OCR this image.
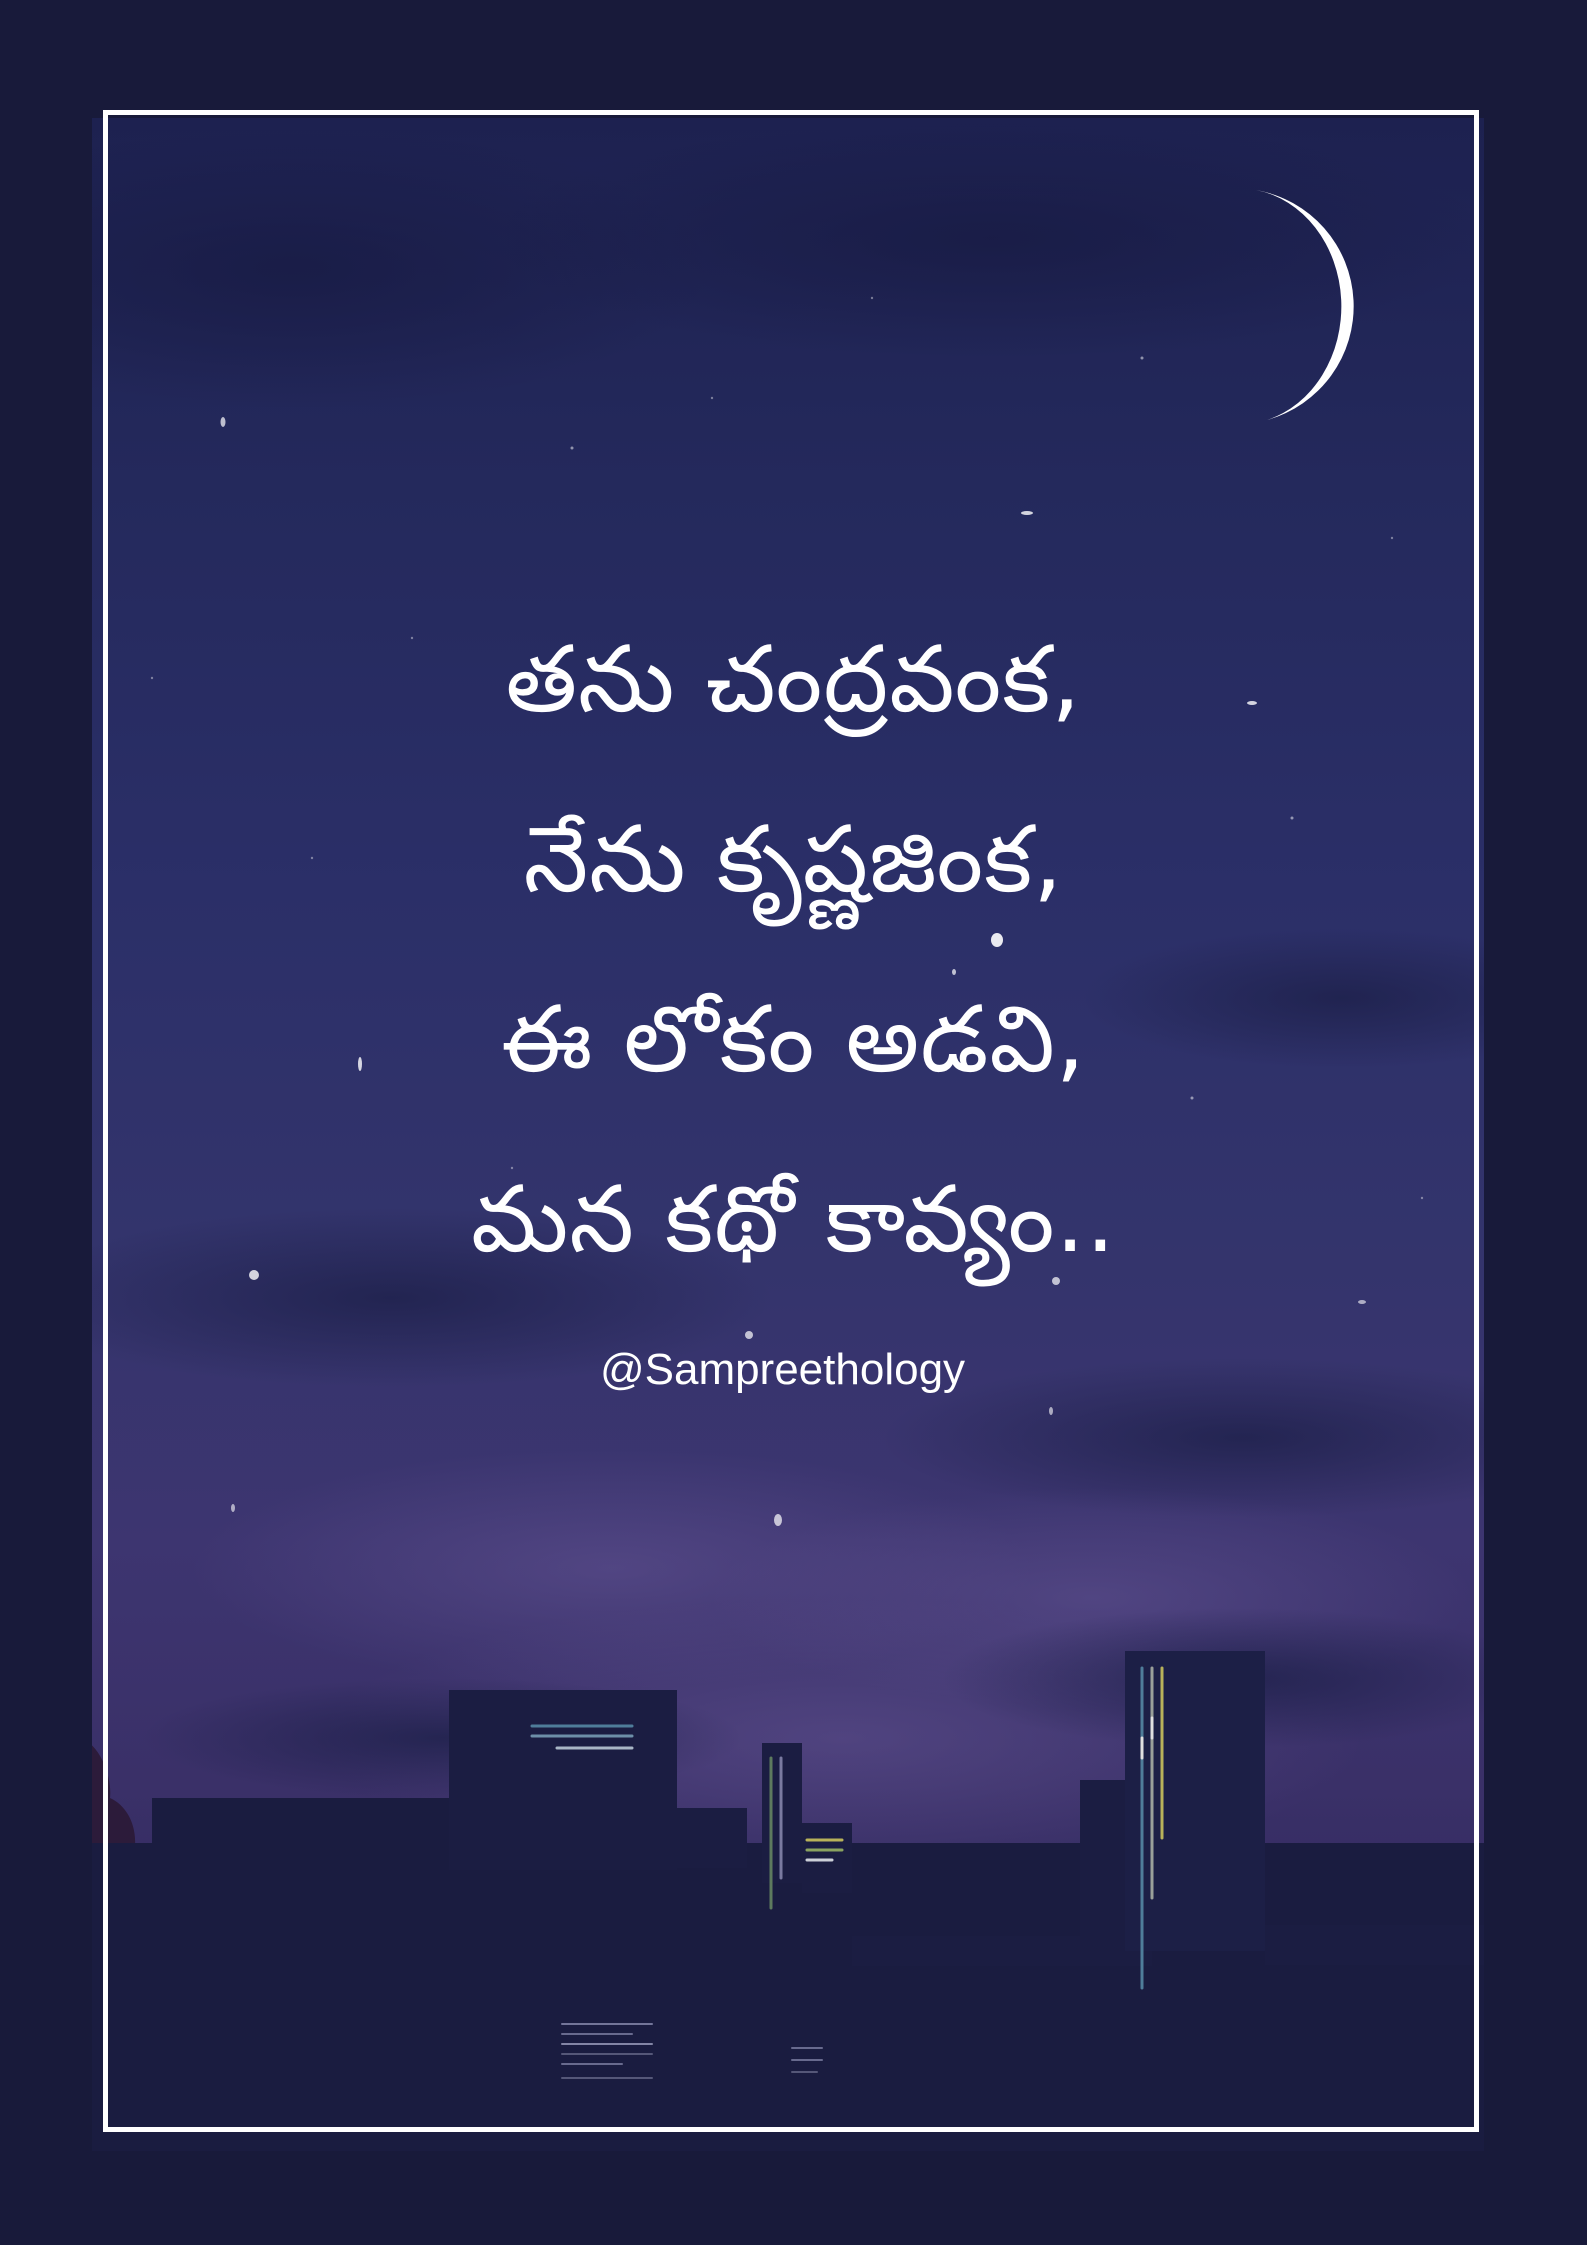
తను చంద్రవంక,
నేను కృష్ణజింక,
ఈ లోకం అడవి,
మన కథో కావ్యం..
@Sampreethology
